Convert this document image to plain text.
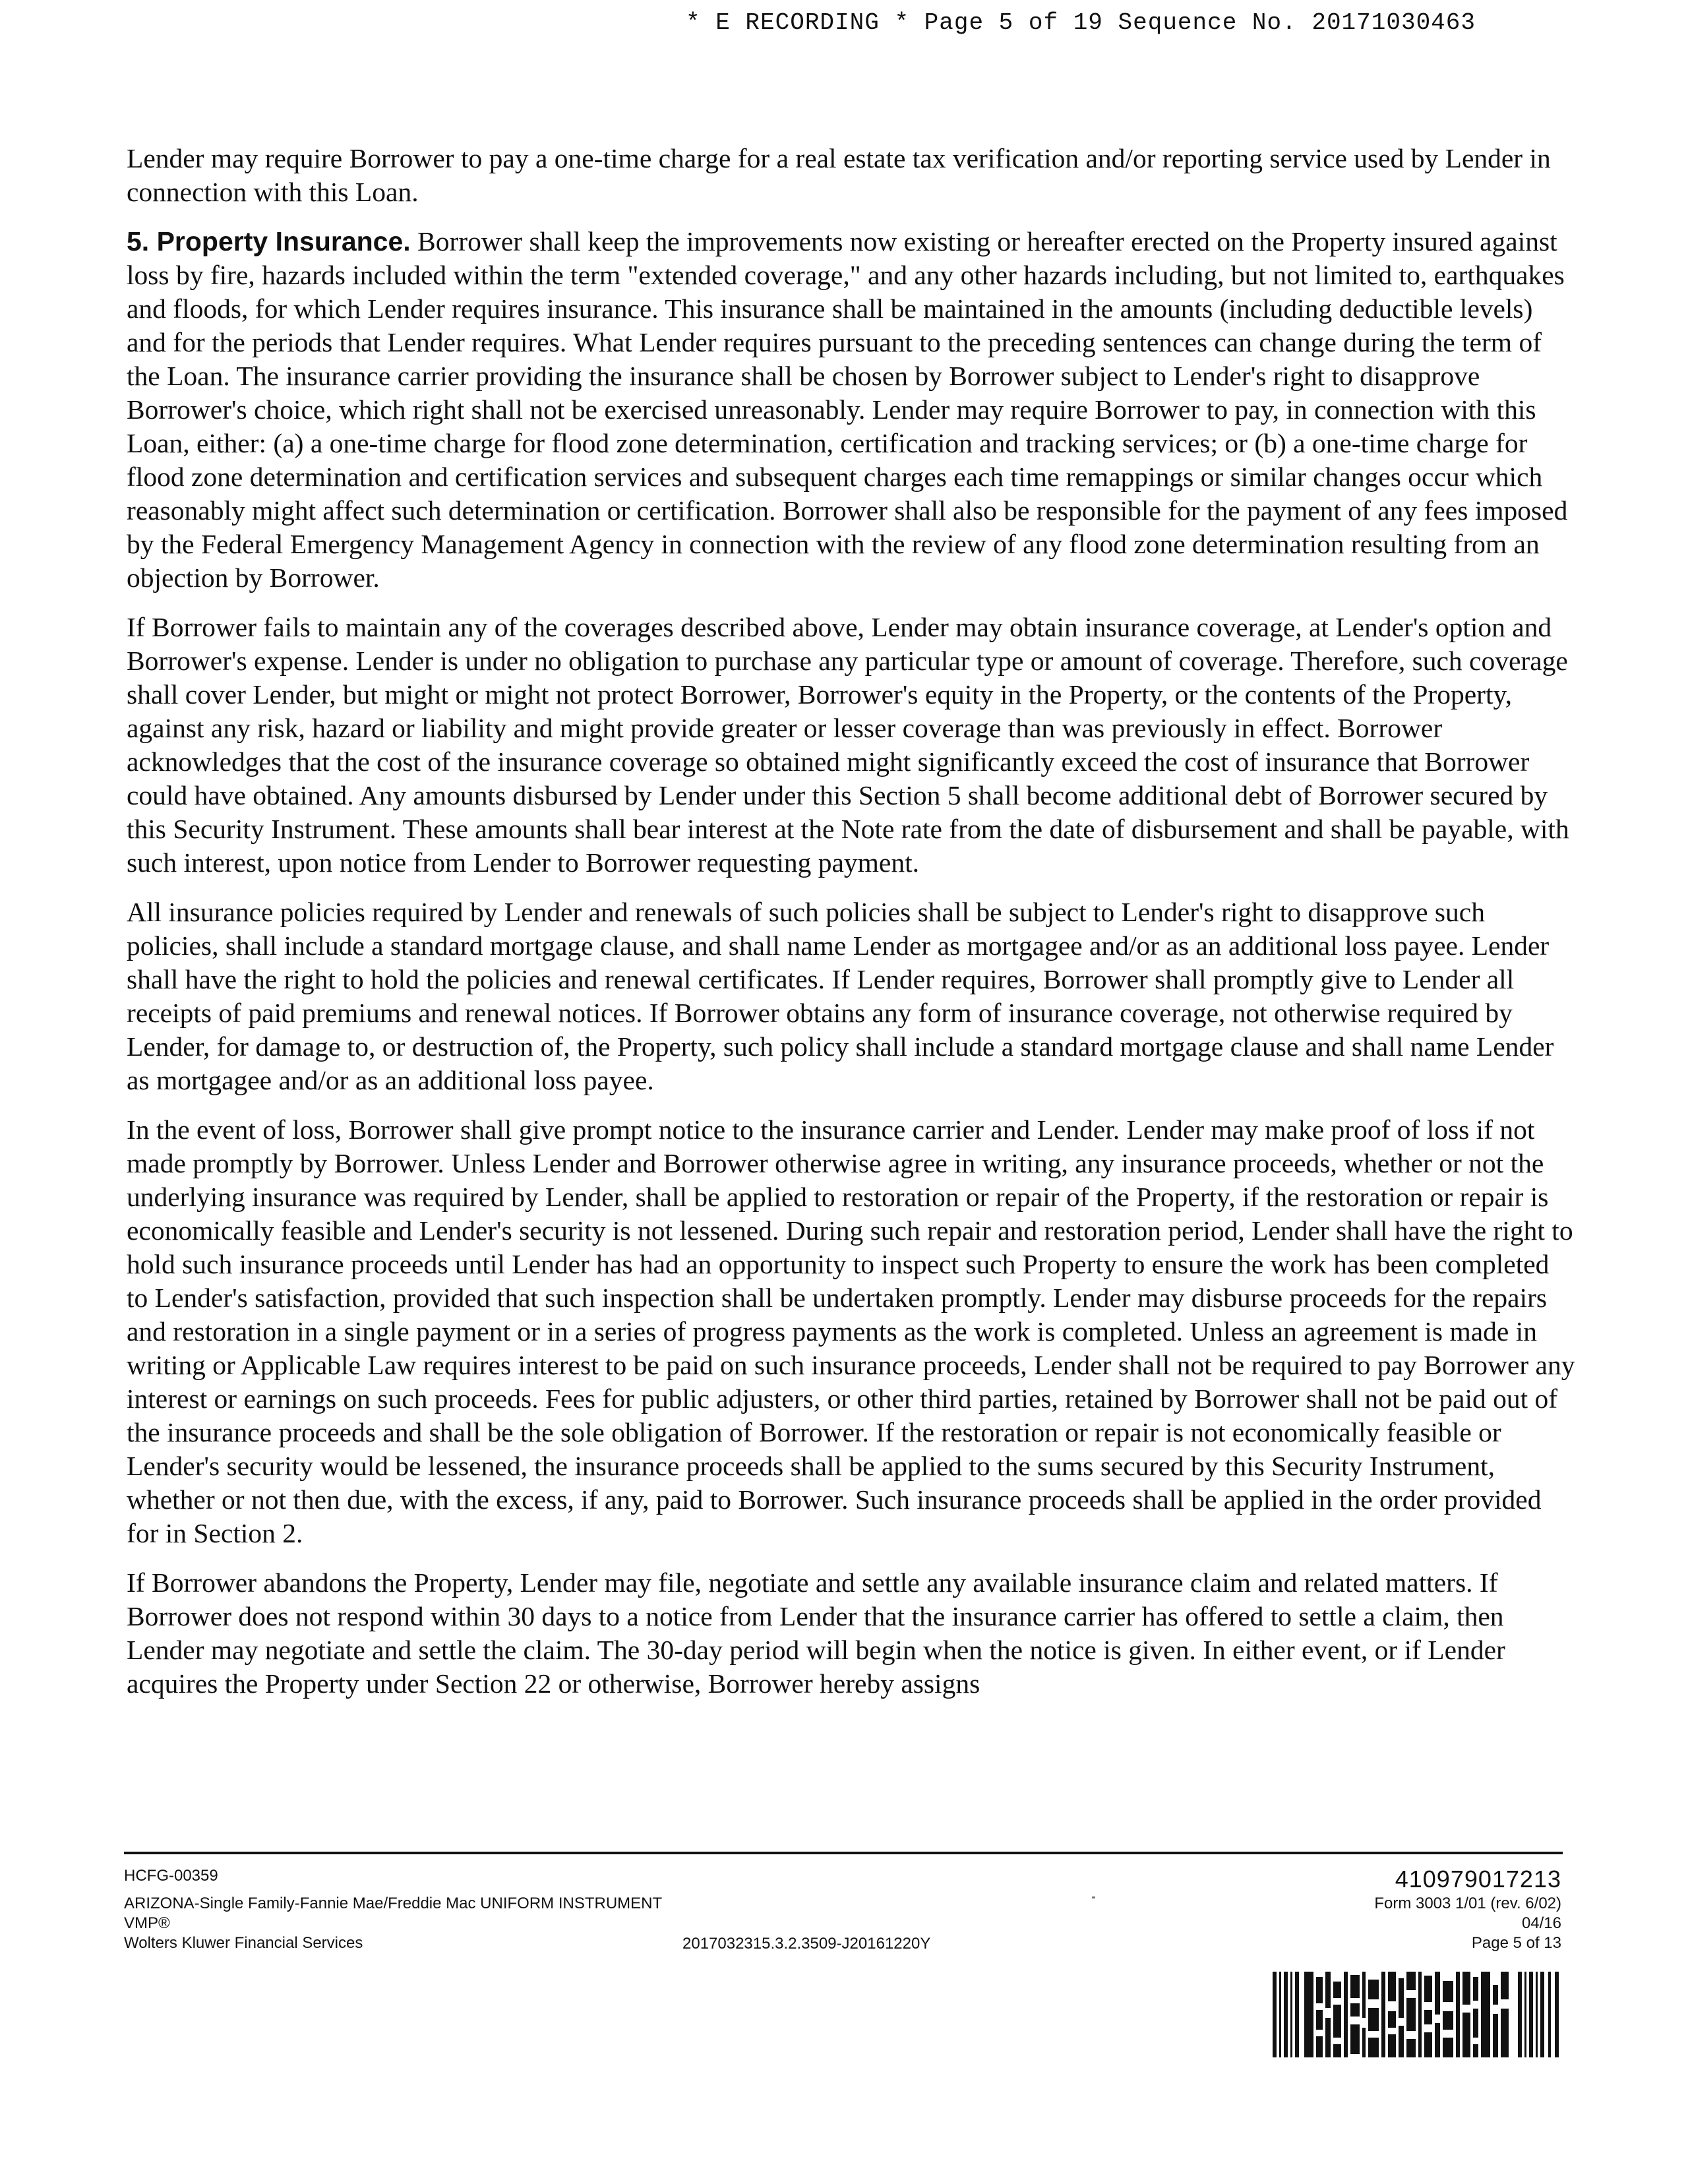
* E RECORDING * Page 5 of 19 Sequence No. 20171030463

Lender may require Borrower to pay a one-time charge for a real estate tax verification and/or reporting service used by Lender in connection with this Loan.

5. Property Insurance. Borrower shall keep the improvements now existing or hereafter erected on the Property insured against loss by fire, hazards included within the term "extended coverage," and any other hazards including, but not limited to, earthquakes and floods, for which Lender requires insurance. This insurance shall be maintained in the amounts (including deductible levels) and for the periods that Lender requires. What Lender requires pursuant to the preceding sentences can change during the term of the Loan. The insurance carrier providing the insurance shall be chosen by Borrower subject to Lender's right to disapprove Borrower's choice, which right shall not be exercised unreasonably. Lender may require Borrower to pay, in connection with this Loan, either: (a) a one-time charge for flood zone determination, certification and tracking services; or (b) a one-time charge for flood zone determination and certification services and subsequent charges each time remappings or similar changes occur which reasonably might affect such determination or certification. Borrower shall also be responsible for the payment of any fees imposed by the Federal Emergency Management Agency in connection with the review of any flood zone determination resulting from an objection by Borrower.

If Borrower fails to maintain any of the coverages described above, Lender may obtain insurance coverage, at Lender's option and Borrower's expense. Lender is under no obligation to purchase any particular type or amount of coverage. Therefore, such coverage shall cover Lender, but might or might not protect Borrower, Borrower's equity in the Property, or the contents of the Property, against any risk, hazard or liability and might provide greater or lesser coverage than was previously in effect. Borrower acknowledges that the cost of the insurance coverage so obtained might significantly exceed the cost of insurance that Borrower could have obtained. Any amounts disbursed by Lender under this Section 5 shall become additional debt of Borrower secured by this Security Instrument. These amounts shall bear interest at the Note rate from the date of disbursement and shall be payable, with such interest, upon notice from Lender to Borrower requesting payment.

All insurance policies required by Lender and renewals of such policies shall be subject to Lender's right to disapprove such policies, shall include a standard mortgage clause, and shall name Lender as mortgagee and/or as an additional loss payee. Lender shall have the right to hold the policies and renewal certificates. If Lender requires, Borrower shall promptly give to Lender all receipts of paid premiums and renewal notices. If Borrower obtains any form of insurance coverage, not otherwise required by Lender, for damage to, or destruction of, the Property, such policy shall include a standard mortgage clause and shall name Lender as mortgagee and/or as an additional loss payee.

In the event of loss, Borrower shall give prompt notice to the insurance carrier and Lender. Lender may make proof of loss if not made promptly by Borrower. Unless Lender and Borrower otherwise agree in writing, any insurance proceeds, whether or not the underlying insurance was required by Lender, shall be applied to restoration or repair of the Property, if the restoration or repair is economically feasible and Lender's security is not lessened. During such repair and restoration period, Lender shall have the right to hold such insurance proceeds until Lender has had an opportunity to inspect such Property to ensure the work has been completed to Lender's satisfaction, provided that such inspection shall be undertaken promptly. Lender may disburse proceeds for the repairs and restoration in a single payment or in a series of progress payments as the work is completed. Unless an agreement is made in writing or Applicable Law requires interest to be paid on such insurance proceeds, Lender shall not be required to pay Borrower any interest or earnings on such proceeds. Fees for public adjusters, or other third parties, retained by Borrower shall not be paid out of the insurance proceeds and shall be the sole obligation of Borrower. If the restoration or repair is not economically feasible or Lender's security would be lessened, the insurance proceeds shall be applied to the sums secured by this Security Instrument, whether or not then due, with the excess, if any, paid to Borrower. Such insurance proceeds shall be applied in the order provided for in Section 2.

If Borrower abandons the Property, Lender may file, negotiate and settle any available insurance claim and related matters. If Borrower does not respond within 30 days to a notice from Lender that the insurance carrier has offered to settle a claim, then Lender may negotiate and settle the claim. The 30-day period will begin when the notice is given. In either event, or if Lender acquires the Property under Section 22 or otherwise, Borrower hereby assigns

HCFG-00359
ARIZONA-Single Family-Fannie Mae/Freddie Mac UNIFORM INSTRUMENT
VMP®
Wolters Kluwer Financial Services	2017032315.3.2.3509-J20161220Y
410979017213
Form 3003 1/01 (rev. 6/02)
04/16
Page 5 of 13
